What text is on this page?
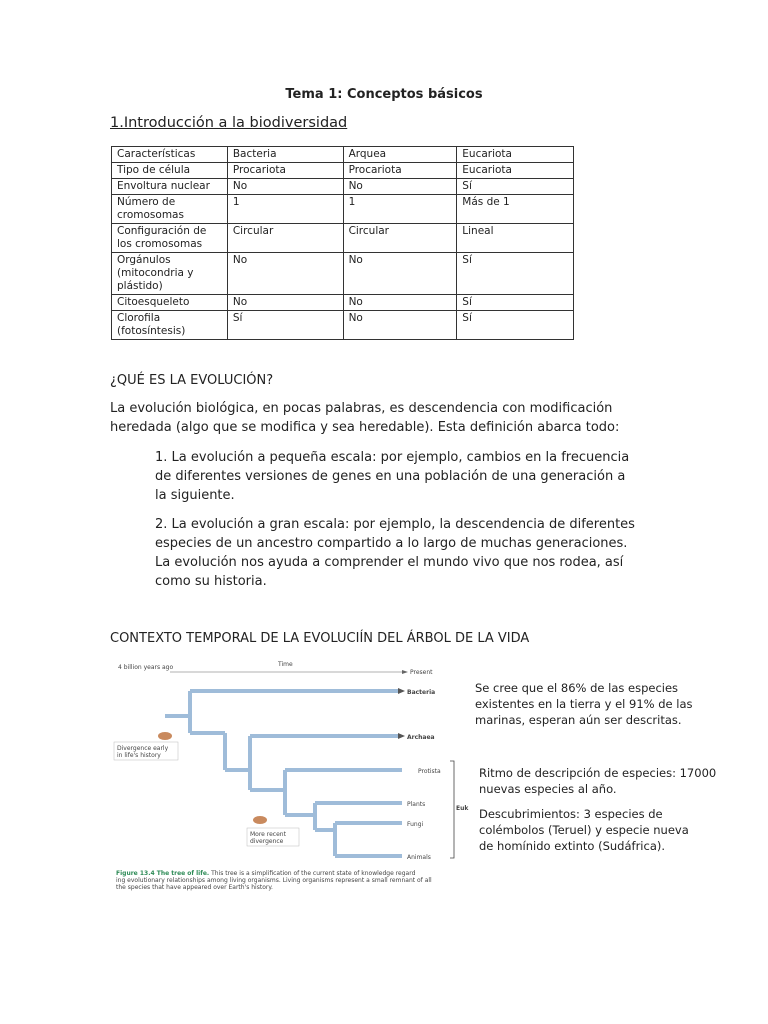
Tema 1: Conceptos básicos
1.Introducción a la biodiversidad
Características	Bacteria	Arquea	Eucariota
Tipo de célula	Procariota	Procariota	Eucariota
Envoltura nuclear	No	No	Sí
Número de cromosomas	1	1	Más de 1
Configuración de los cromosomas	Circular	Circular	Lineal
Orgánulos (mitocondria y plástido)	No	No	Sí
Citoesqueleto	No	No	Sí
Clorofila (fotosíntesis)	Sí	No	Sí
¿QUÉ ES LA EVOLUCIÓN?
La evolución biológica, en pocas palabras, es descendencia con modificación heredada (algo que se modifica y sea heredable). Esta definición abarca todo:
1. La evolución a pequeña escala: por ejemplo, cambios en la frecuencia de diferentes versiones de genes en una población de una generación a la siguiente.
2. La evolución a gran escala: por ejemplo, la descendencia de diferentes especies de un ancestro compartido a lo largo de muchas generaciones. La evolución nos ayuda a comprender el mundo vivo que nos rodea, así como su historia.
CONTEXTO TEMPORAL DE LA EVOLUCIÍN DEL ÁRBOL DE LA VIDA
4 billion years ago	Time
Present
Bacteria
Archaea
Protista
Plants
Fungi
Animals
Euk
Divergence early
in life's history
More recent
divergence
Figure 13.4 The tree of life. This tree is a simplification of the current state of knowledge regard
ing evolutionary relationships among living organisms. Living organisms represent a small remnant of all
the species that have appeared over Earth's history.
Se cree que el 86% de las especies existentes en la tierra y el 91% de las marinas, esperan aún ser descritas.
Ritmo de descripción de especies: 17000 nuevas especies al año.
Descubrimientos: 3 especies de colémbolos (Teruel) y especie nueva de homínido extinto (Sudáfrica).
